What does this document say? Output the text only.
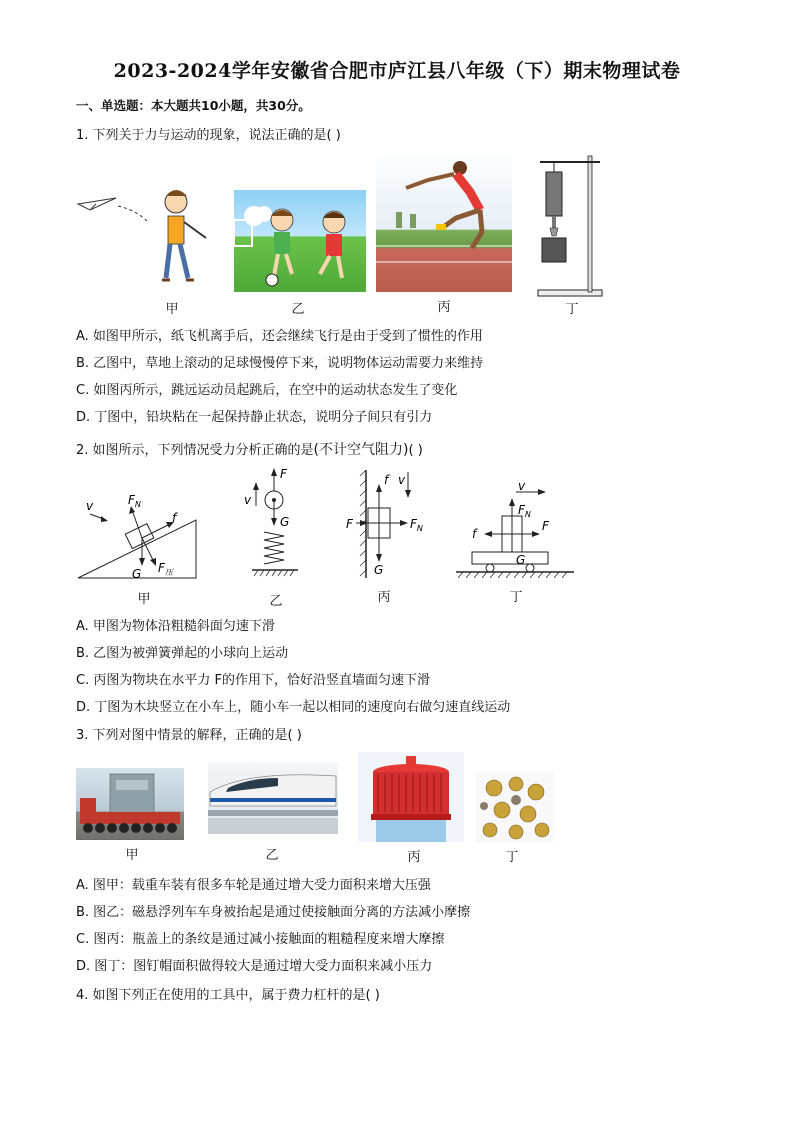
2023-2024学年安徽省合肥市庐江县八年级（下）期末物理试卷
一、单选题：本大题共10小题，共30分。
1. 下列关于力与运动的现象，说法正确的是( )
甲	乙	丙	丁
A. 如图甲所示，纸飞机离手后，还会继续飞行是由于受到了惯性的作用
B. 乙图中，草地上滚动的足球慢慢停下来，说明物体运动需要力来维持
C. 如图丙所示，跳远运动员起跳后，在空中的运动状态发生了变化
D. 丁图中，铅块粘在一起保持静止状态，说明分子间只有引力
2. 如图所示，下列情况受力分析正确的是(不计空气阻力)( )
v	$F_N$
f
G $F_压$
甲
F
v
G
乙
f v
F	$F_N$
G
丙
v
$F_N$
F
f
G
丁
A. 甲图为物体沿粗糙斜面匀速下滑
B. 乙图为被弹簧弹起的小球向上运动
C. 丙图为物块在水平力 F的作用下，恰好沿竖直墙面匀速下滑
D. 丁图为木块竖立在小车上，随小车一起以相同的速度向右做匀速直线运动
3. 下列对图中情景的解释，正确的是( )
甲	乙	丙	丁
A. 图甲：载重车装有很多车轮是通过增大受力面积来增大压强
B. 图乙：磁悬浮列车车身被抬起是通过使接触面分离的方法减小摩擦
C. 图丙：瓶盖上的条纹是通过减小接触面的粗糙程度来增大摩擦
D. 图丁：图钉帽面积做得较大是通过增大受力面积来减小压力
4. 如图下列正在使用的工具中，属于费力杠杆的是( )
